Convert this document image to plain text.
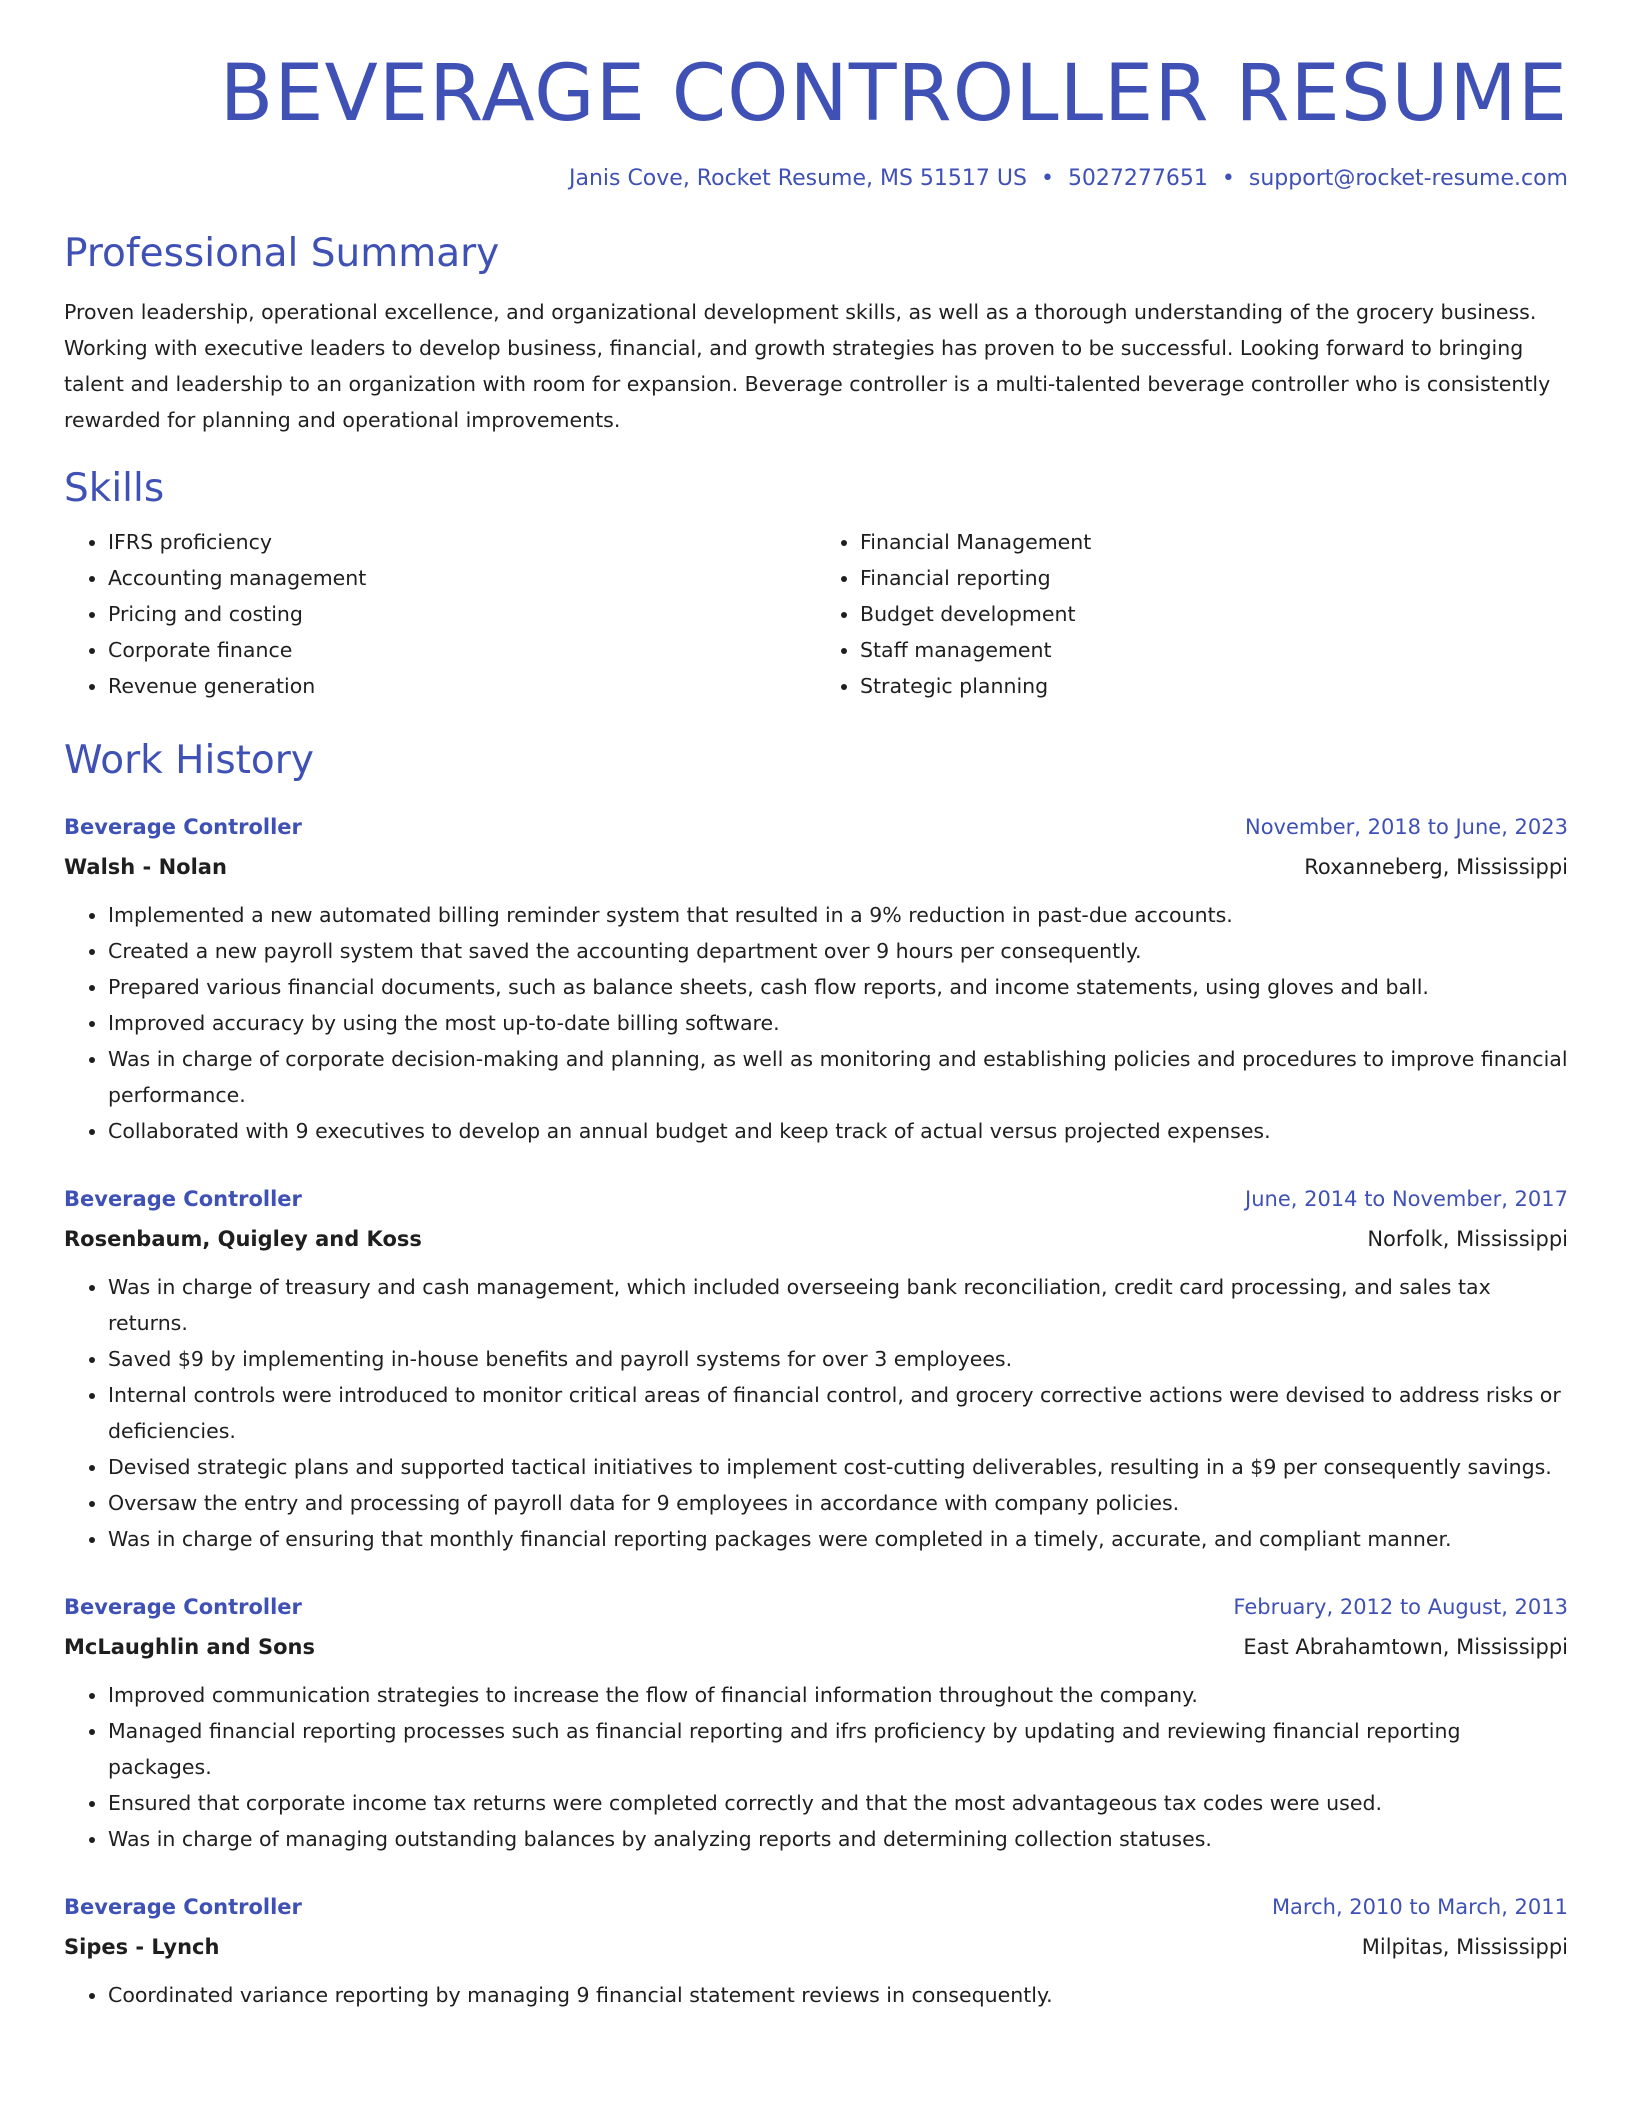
BEVERAGE CONTROLLER RESUME
Janis Cove, Rocket Resume, MS 51517 US • 5027277651 • support@rocket-resume.com
Professional Summary
Proven leadership, operational excellence, and organizational development skills, as well as a thorough understanding of the grocery business. Working with executive leaders to develop business, financial, and growth strategies has proven to be successful. Looking forward to bringing talent and leadership to an organization with room for expansion. Beverage controller is a multi-talented beverage controller who is consistently rewarded for planning and operational improvements.
Skills
• IFRS proficiency
• Accounting management
• Pricing and costing
• Corporate finance
• Revenue generation
• Financial Management
• Financial reporting
• Budget development
• Staff management
• Strategic planning
Work History
Beverage Controller	November, 2018 to June, 2023
Walsh - Nolan	Roxanneberg, Mississippi
• Implemented a new automated billing reminder system that resulted in a 9% reduction in past-due accounts.
• Created a new payroll system that saved the accounting department over 9 hours per consequently.
• Prepared various financial documents, such as balance sheets, cash flow reports, and income statements, using gloves and ball.
• Improved accuracy by using the most up-to-date billing software.
• Was in charge of corporate decision-making and planning, as well as monitoring and establishing policies and procedures to improve financial performance.
• Collaborated with 9 executives to develop an annual budget and keep track of actual versus projected expenses.
Beverage Controller	June, 2014 to November, 2017
Rosenbaum, Quigley and Koss	Norfolk, Mississippi
• Was in charge of treasury and cash management, which included overseeing bank reconciliation, credit card processing, and sales tax returns.
• Saved $9 by implementing in-house benefits and payroll systems for over 3 employees.
• Internal controls were introduced to monitor critical areas of financial control, and grocery corrective actions were devised to address risks or deficiencies.
• Devised strategic plans and supported tactical initiatives to implement cost-cutting deliverables, resulting in a $9 per consequently savings.
• Oversaw the entry and processing of payroll data for 9 employees in accordance with company policies.
• Was in charge of ensuring that monthly financial reporting packages were completed in a timely, accurate, and compliant manner.
Beverage Controller	February, 2012 to August, 2013
McLaughlin and Sons	East Abrahamtown, Mississippi
• Improved communication strategies to increase the flow of financial information throughout the company.
• Managed financial reporting processes such as financial reporting and ifrs proficiency by updating and reviewing financial reporting packages.
• Ensured that corporate income tax returns were completed correctly and that the most advantageous tax codes were used.
• Was in charge of managing outstanding balances by analyzing reports and determining collection statuses.
Beverage Controller	March, 2010 to March, 2011
Sipes - Lynch	Milpitas, Mississippi
• Coordinated variance reporting by managing 9 financial statement reviews in consequently.
